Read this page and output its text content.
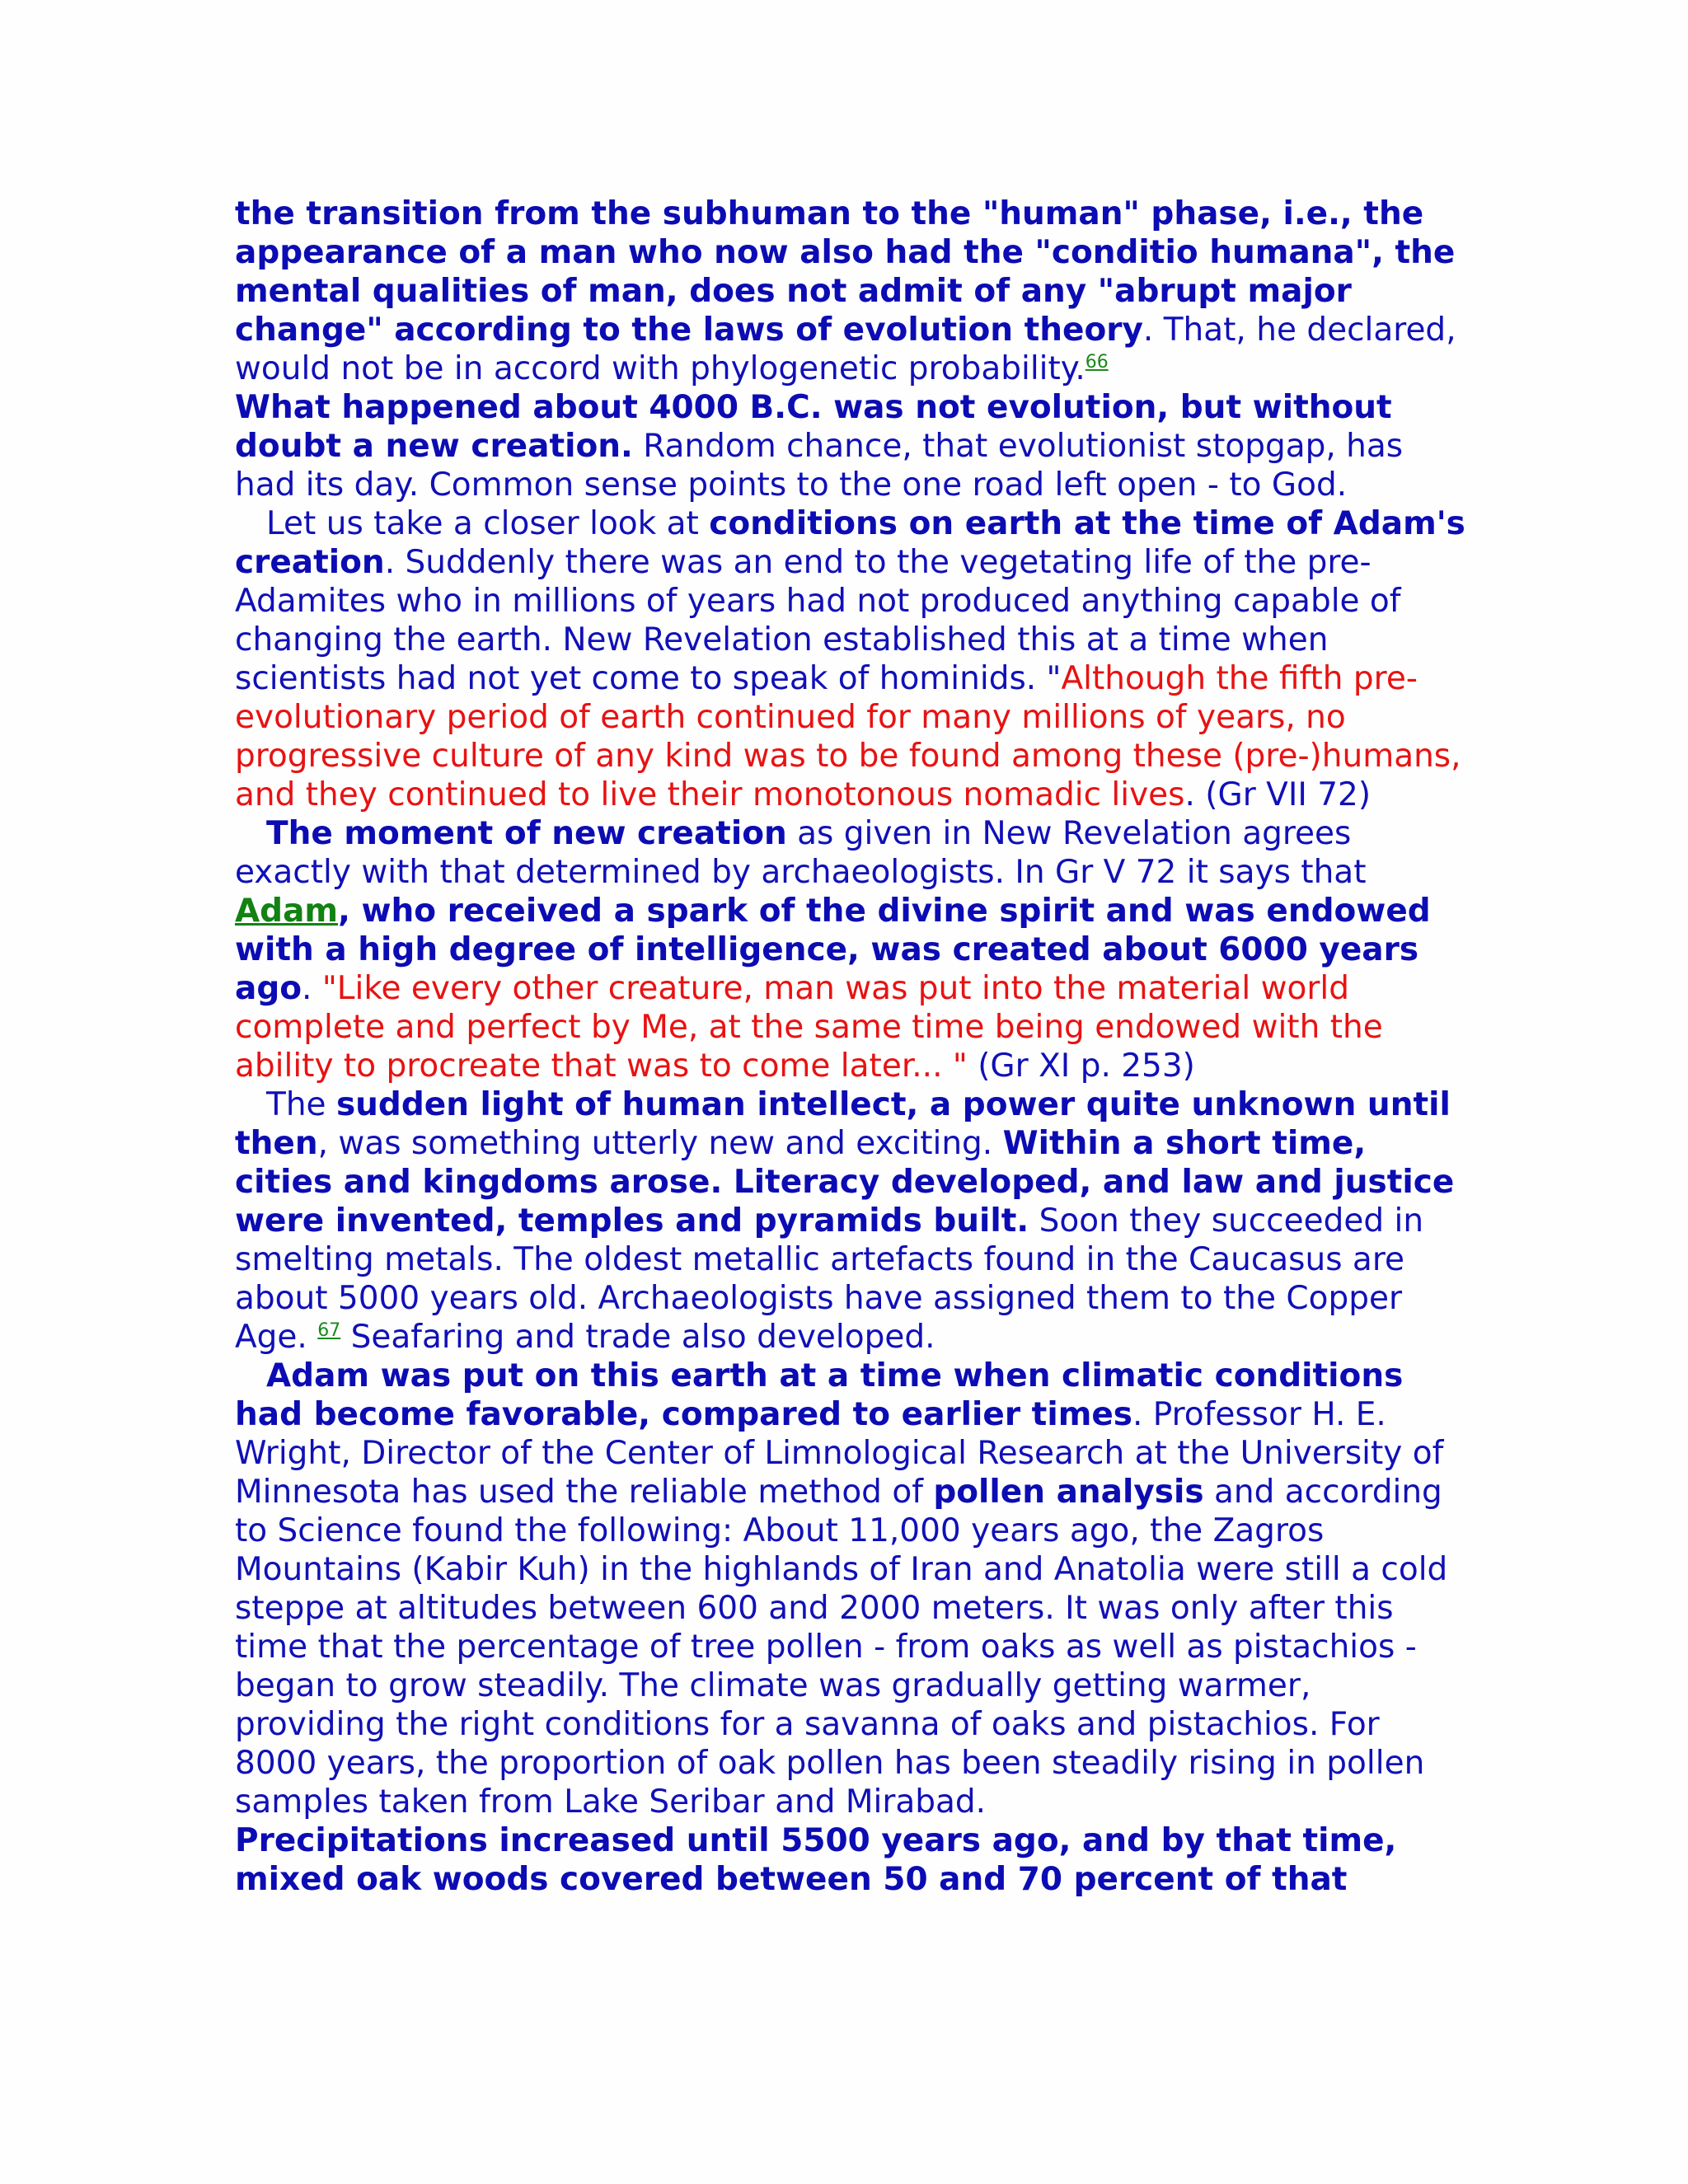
the transition from the subhuman to the "human" phase, i.e., the appearance of a man who now also had the "conditio humana", the mental qualities of man, does not admit of any "abrupt major change" according to the laws of evolution theory. That, he declared, would not be in accord with phylogenetic probability.$^{66}$
What happened about 4000 B.C. was not evolution, but without doubt a new creation. Random chance, that evolutionist stopgap, has had its day. Common sense points to the one road left open - to God.

Let us take a closer look at conditions on earth at the time of Adam's creation. Suddenly there was an end to the vegetating life of the pre-Adamites who in millions of years had not produced anything capable of changing the earth. New Revelation established this at a time when scientists had not yet come to speak of hominids. "Although the fifth pre-evolutionary period of earth continued for many millions of years, no progressive culture of any kind was to be found among these (pre-)humans, and they continued to live their monotonous nomadic lives. (Gr VII 72)

The moment of new creation as given in New Revelation agrees exactly with that determined by archaeologists. In Gr V 72 it says that
Adam, who received a spark of the divine spirit and was endowed with a high degree of intelligence, was created about 6000 years ago. "Like every other creature, man was put into the material world complete and perfect by Me, at the same time being endowed with the ability to procreate that was to come later... " (Gr XI p. 253)

The sudden light of human intellect, a power quite unknown until then, was something utterly new and exciting. Within a short time, cities and kingdoms arose. Literacy developed, and law and justice were invented, temples and pyramids built. Soon they succeeded in smelting metals. The oldest metallic artefacts found in the Caucasus are about 5000 years old. Archaeologists have assigned them to the Copper Age. $^{67}$ Seafaring and trade also developed.

Adam was put on this earth at a time when climatic conditions had become favorable, compared to earlier times. Professor H. E. Wright, Director of the Center of Limnological Research at the University of Minnesota has used the reliable method of pollen analysis and according to Science found the following: About 11,000 years ago, the Zagros Mountains (Kabir Kuh) in the highlands of Iran and Anatolia were still a cold steppe at altitudes between 600 and 2000 meters. It was only after this time that the percentage of tree pollen - from oaks as well as pistachios - began to grow steadily. The climate was gradually getting warmer, providing the right conditions for a savanna of oaks and pistachios. For 8000 years, the proportion of oak pollen has been steadily rising in pollen samples taken from Lake Seribar and Mirabad.
Precipitations increased until 5500 years ago, and by that time, mixed oak woods covered between 50 and 70 percent of that
